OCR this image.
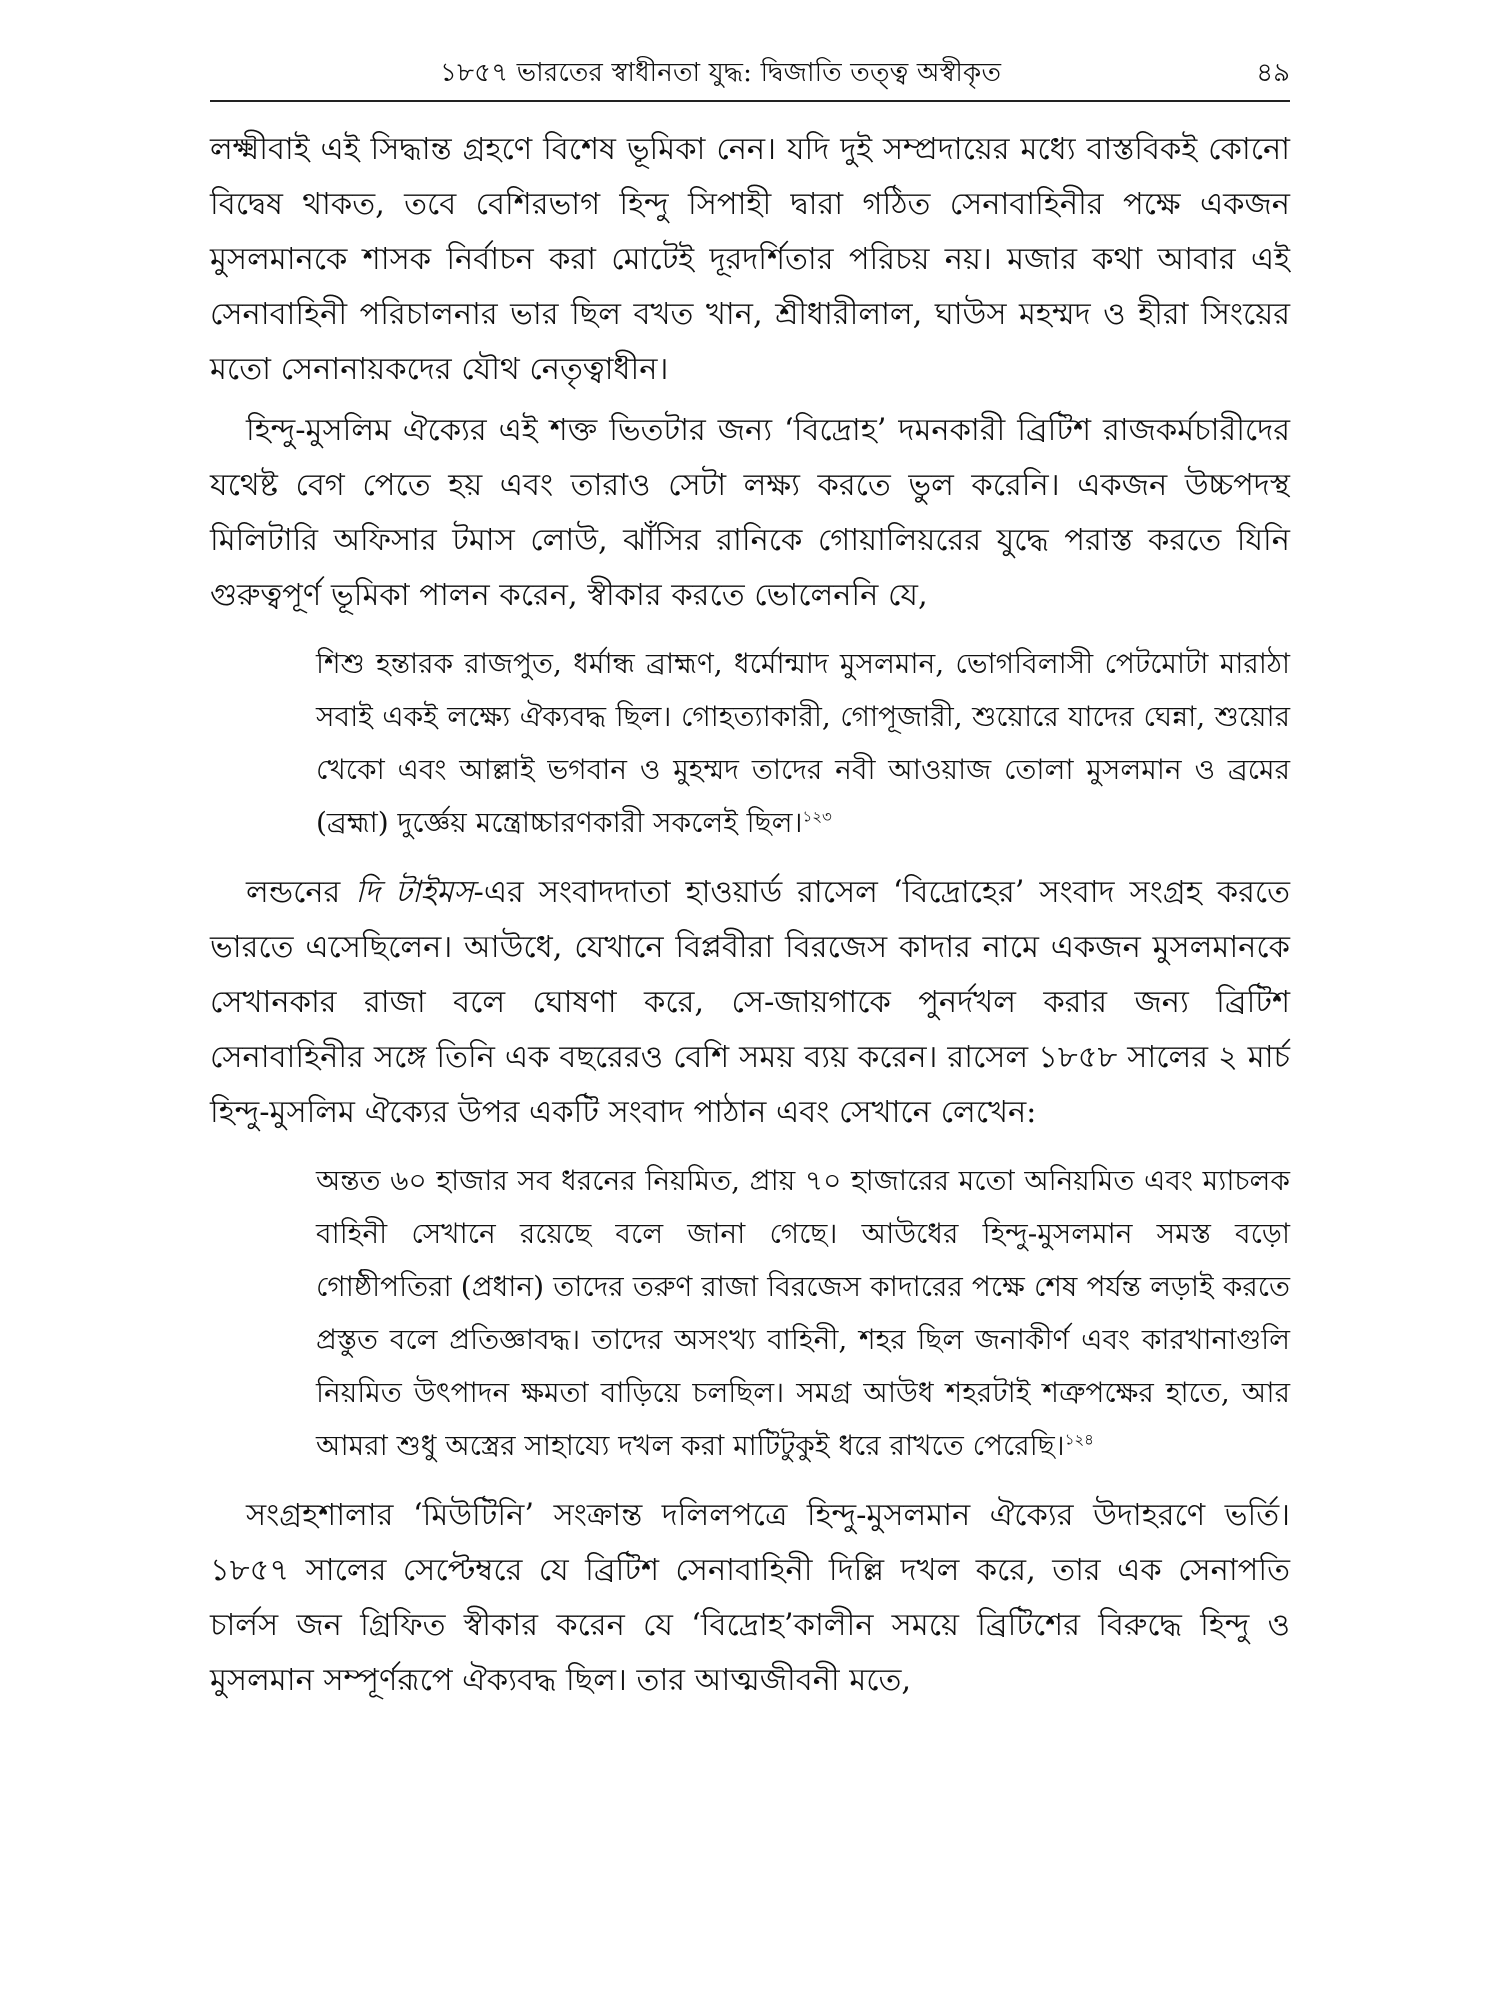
১৮৫৭ ভারতের স্বাধীনতা যুদ্ধ: দ্বিজাতি তত্ত্ব অস্বীকৃত	৪৯

লক্ষ্মীবাই এই সিদ্ধান্ত গ্রহণে বিশেষ ভূমিকা নেন। যদি দুই সম্প্রদায়ের মধ্যে বাস্তবিকই কোনো বিদ্বেষ থাকত, তবে বেশিরভাগ হিন্দু সিপাহী দ্বারা গঠিত সেনাবাহিনীর পক্ষে একজন মুসলমানকে শাসক নির্বাচন করা মোটেই দূরদর্শিতার পরিচয় নয়। মজার কথা আবার এই সেনাবাহিনী পরিচালনার ভার ছিল বখত খান, শ্রীধারীলাল, ঘাউস মহম্মদ ও হীরা সিংয়ের মতো সেনানায়কদের যৌথ নেতৃত্বাধীন।

হিন্দু-মুসলিম ঐক্যের এই শক্ত ভিতটার জন্য ‘বিদ্রোহ’ দমনকারী ব্রিটিশ রাজকর্মচারীদের যথেষ্ট বেগ পেতে হয় এবং তারাও সেটা লক্ষ্য করতে ভুল করেনি। একজন উচ্চপদস্থ মিলিটারি অফিসার টমাস লোউ, ঝাঁসির রানিকে গোয়ালিয়রের যুদ্ধে পরাস্ত করতে যিনি গুরুত্বপূর্ণ ভূমিকা পালন করেন, স্বীকার করতে ভোলেননি যে,

শিশু হন্তারক রাজপুত, ধর্মান্ধ ব্রাহ্মণ, ধর্মোন্মাদ মুসলমান, ভোগবিলাসী পেটমোটা মারাঠা সবাই একই লক্ষ্যে ঐক্যবদ্ধ ছিল। গোহত্যাকারী, গোপূজারী, শুয়োরে যাদের ঘেন্না, শুয়োর খেকো এবং আল্লাই ভগবান ও মুহম্মদ তাদের নবী আওয়াজ তোলা মুসলমান ও ব্রমের (ব্রহ্মা) দুর্জ্ঞেয় মন্ত্রোচ্চারণকারী সকলেই ছিল।$^{১২৩}$

লন্ডনের দি টাইমস-এর সংবাদদাতা হাওয়ার্ড রাসেল ‘বিদ্রোহের’ সংবাদ সংগ্রহ করতে ভারতে এসেছিলেন। আউধে, যেখানে বিপ্লবীরা বিরজেস কাদার নামে একজন মুসলমানকে সেখানকার রাজা বলে ঘোষণা করে, সে-জায়গাকে পুনর্দখল করার জন্য ব্রিটিশ সেনাবাহিনীর সঙ্গে তিনি এক বছরেরও বেশি সময় ব্যয় করেন। রাসেল ১৮৫৮ সালের ২ মার্চ হিন্দু-মুসলিম ঐক্যের উপর একটি সংবাদ পাঠান এবং সেখানে লেখেন:

অন্তত ৬০ হাজার সব ধরনের নিয়মিত, প্রায় ৭০ হাজারের মতো অনিয়মিত এবং ম্যাচলক বাহিনী সেখানে রয়েছে বলে জানা গেছে। আউধের হিন্দু-মুসলমান সমস্ত বড়ো গোষ্ঠীপতিরা (প্রধান) তাদের তরুণ রাজা বিরজেস কাদারের পক্ষে শেষ পর্যন্ত লড়াই করতে প্রস্তুত বলে প্রতিজ্ঞাবদ্ধ। তাদের অসংখ্য বাহিনী, শহর ছিল জনাকীর্ণ এবং কারখানাগুলি নিয়মিত উৎপাদন ক্ষমতা বাড়িয়ে চলছিল। সমগ্র আউধ শহরটাই শত্রুপক্ষের হাতে, আর আমরা শুধু অস্ত্রের সাহায্যে দখল করা মাটিটুকুই ধরে রাখতে পেরেছি।$^{১২৪}$

সংগ্রহশালার ‘মিউটিনি’ সংক্রান্ত দলিলপত্রে হিন্দু-মুসলমান ঐক্যের উদাহরণে ভর্তি। ১৮৫৭ সালের সেপ্টেম্বরে যে ব্রিটিশ সেনাবাহিনী দিল্লি দখল করে, তার এক সেনাপতি চার্লস জন গ্রিফিত স্বীকার করেন যে ‘বিদ্রোহ’কালীন সময়ে ব্রিটিশের বিরুদ্ধে হিন্দু ও মুসলমান সম্পূর্ণরূপে ঐক্যবদ্ধ ছিল। তার আত্মজীবনী মতে,
